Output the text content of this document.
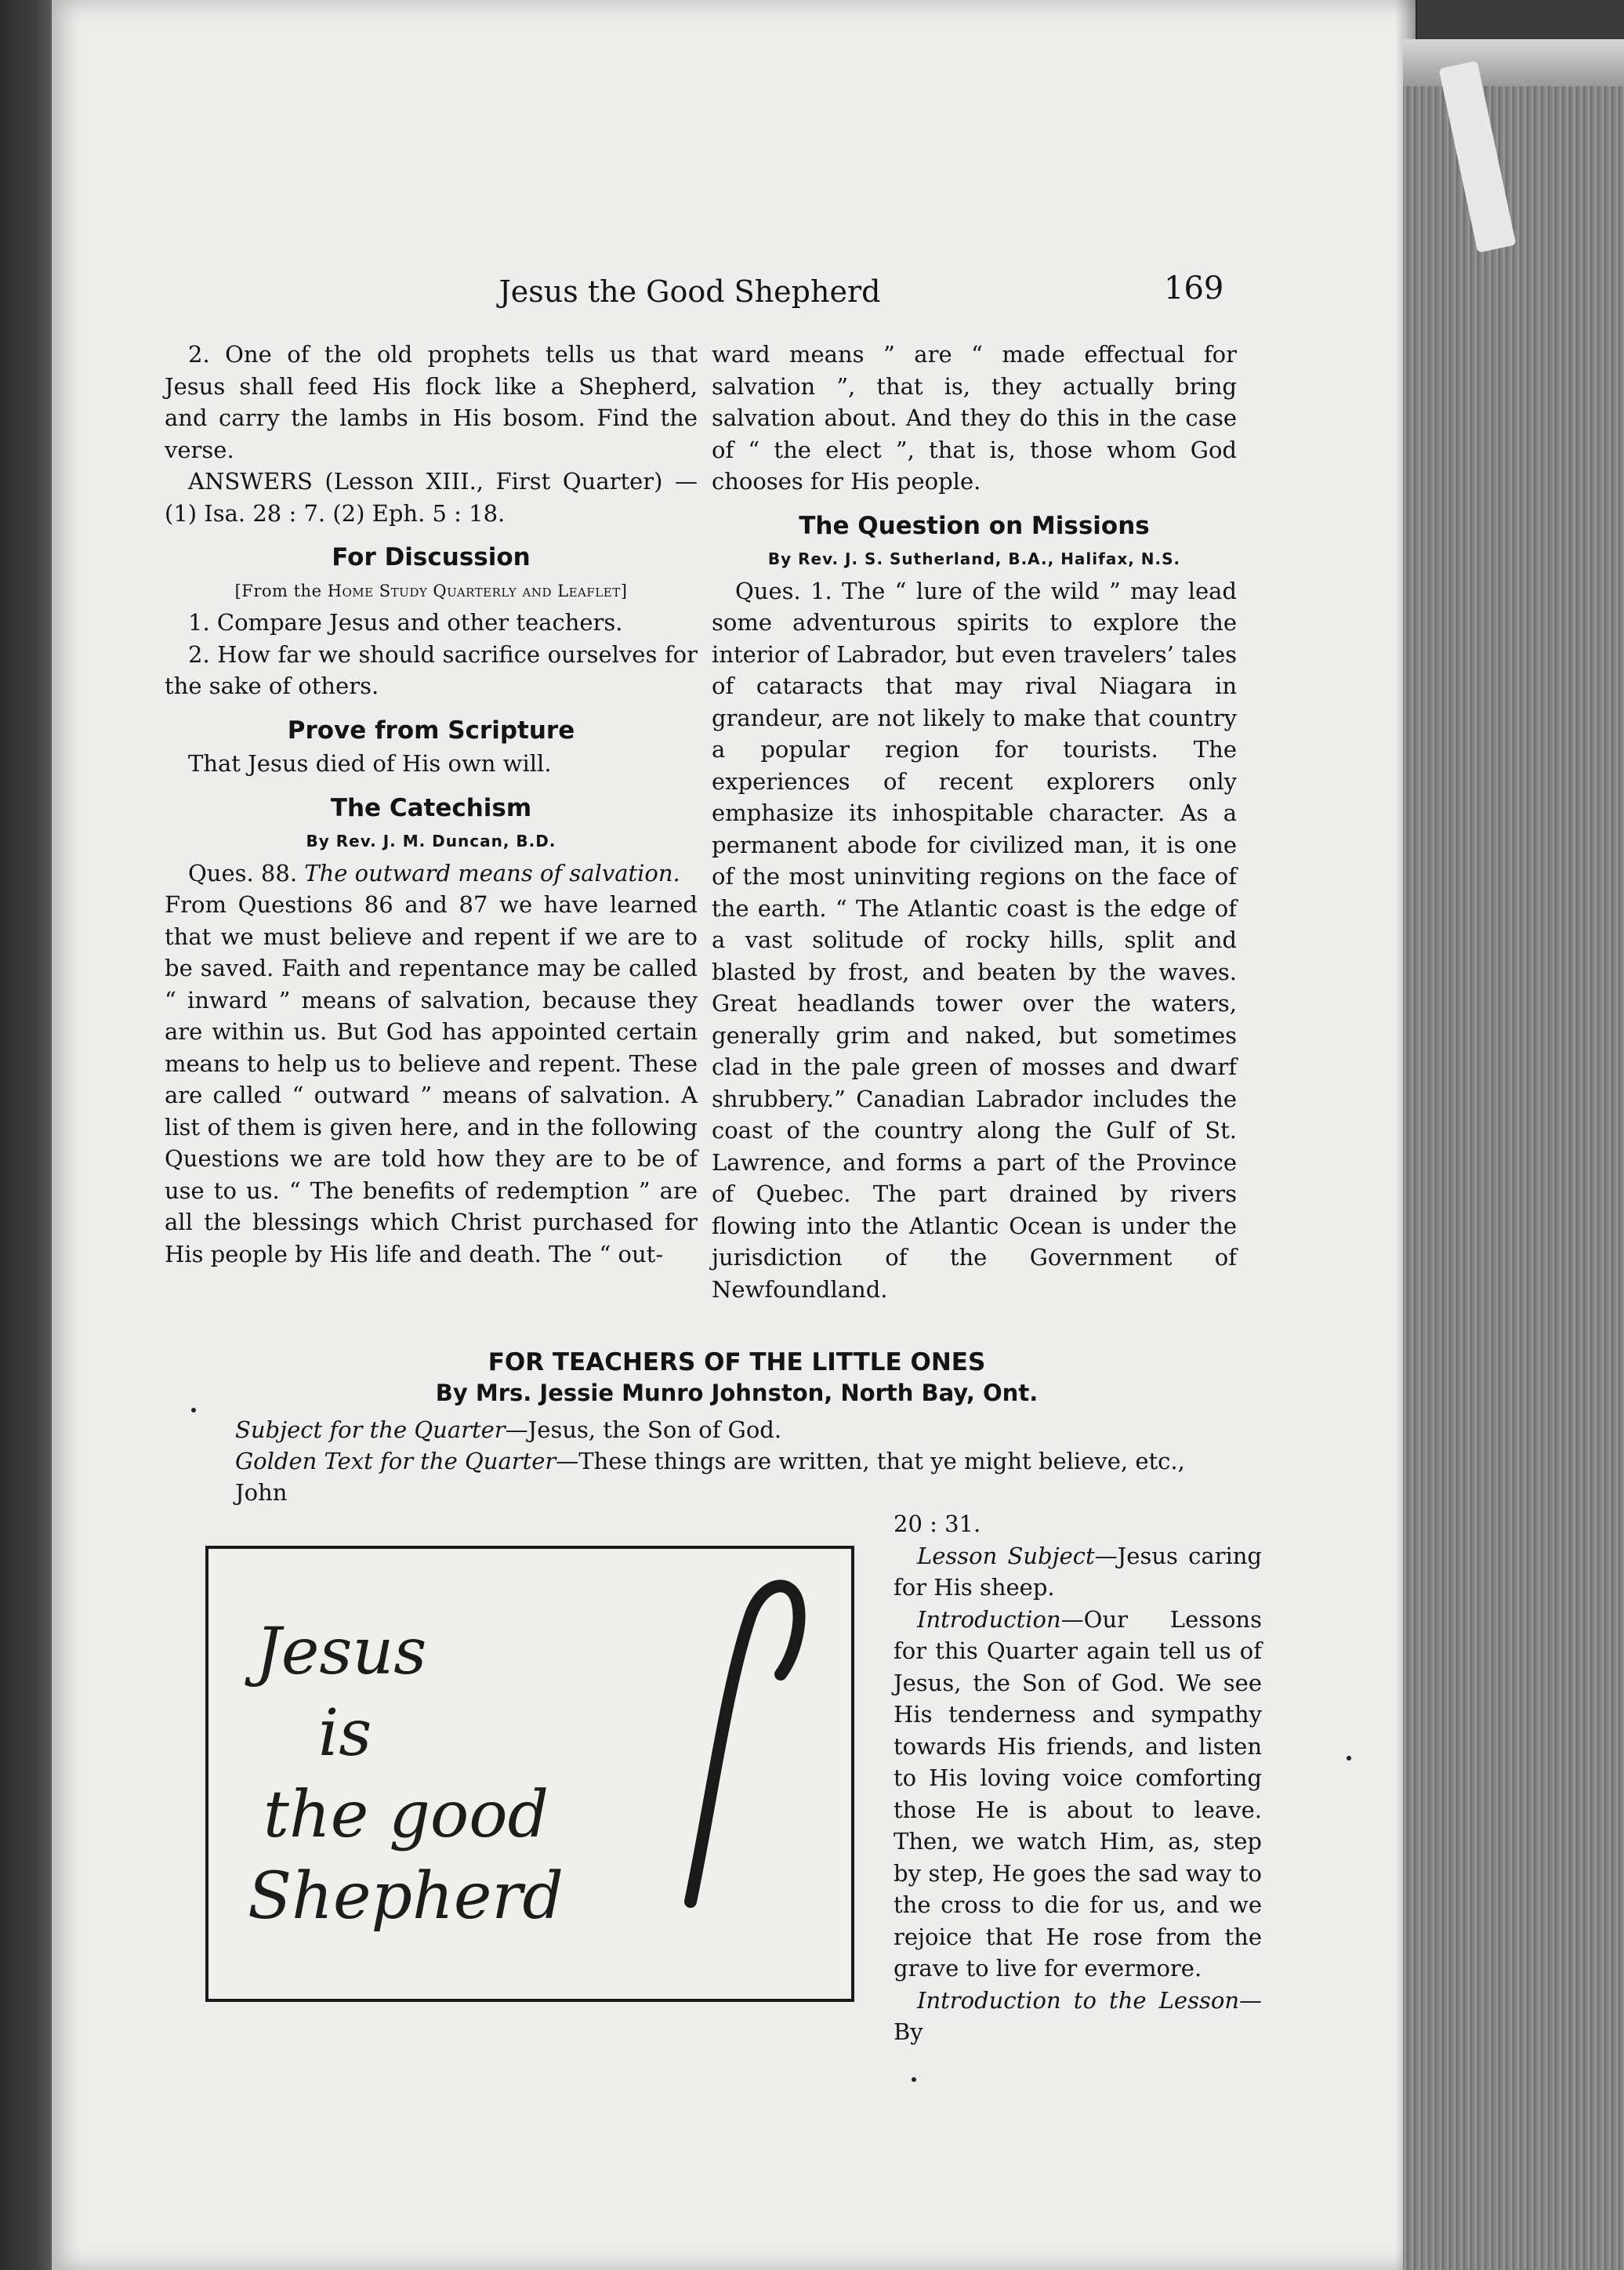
Jesus the Good Shepherd	169

2. One of the old prophets tells us that Jesus shall feed His flock like a Shepherd, and carry the lambs in His bosom. Find the verse.

ANSWERS (Lesson XIII., First Quarter) —(1) Isa. 28 : 7. (2) Eph. 5 : 18.

For Discussion

[From the Home Study Quarterly and Leaflet]

1. Compare Jesus and other teachers.

2. How far we should sacrifice ourselves for the sake of others.

Prove from Scripture

That Jesus died of His own will.

The Catechism

By Rev. J. M. Duncan, B.D.

Ques. 88. The outward means of salvation.

From Questions 86 and 87 we have learned that we must believe and repent if we are to be saved. Faith and repentance may be called “ inward ” means of salvation, because they are within us. But God has appointed certain means to help us to believe and repent. These are called “ outward ” means of salvation. A list of them is given here, and in the following Questions we are told how they are to be of use to us. “ The benefits of redemption ” are all the blessings which Christ purchased for His people by His life and death. The “ out-

ward means ” are “ made effectual for salvation ”, that is, they actually bring salvation about. And they do this in the case of “ the elect ”, that is, those whom God chooses for His people.

The Question on Missions

By Rev. J. S. Sutherland, B.A., Halifax, N.S.

Ques. 1. The “ lure of the wild ” may lead some adventurous spirits to explore the interior of Labrador, but even travelers’ tales of cataracts that may rival Niagara in grandeur, are not likely to make that country a popular region for tourists. The experiences of recent explorers only emphasize its inhospitable character. As a permanent abode for civilized man, it is one of the most uninviting regions on the face of the earth. “ The Atlantic coast is the edge of a vast solitude of rocky hills, split and blasted by frost, and beaten by the waves. Great headlands tower over the waters, generally grim and naked, but sometimes clad in the pale green of mosses and dwarf shrubbery.” Canadian Labrador includes the coast of the country along the Gulf of St. Lawrence, and forms a part of the Province of Quebec. The part drained by rivers flowing into the Atlantic Ocean is under the jurisdiction of the Government of Newfoundland.

FOR TEACHERS OF THE LITTLE ONES

By Mrs. Jessie Munro Johnston, North Bay, Ont.

Subject for the Quarter—Jesus, the Son of God.

Golden Text for the Quarter—These things are written, that ye might believe, etc., John

Jesus
is
the good
Shepherd

20 : 31.

Lesson Subject—Jesus caring for His sheep.

Introduction—Our Lessons for this Quarter again tell us of Jesus, the Son of God. We see His tenderness and sympathy towards His friends, and listen to His loving voice comforting those He is about to leave. Then, we watch Him, as, step by step, He goes the sad way to the cross to die for us, and we rejoice that He rose from the grave to live for evermore.

Introduction to the Lesson—By
